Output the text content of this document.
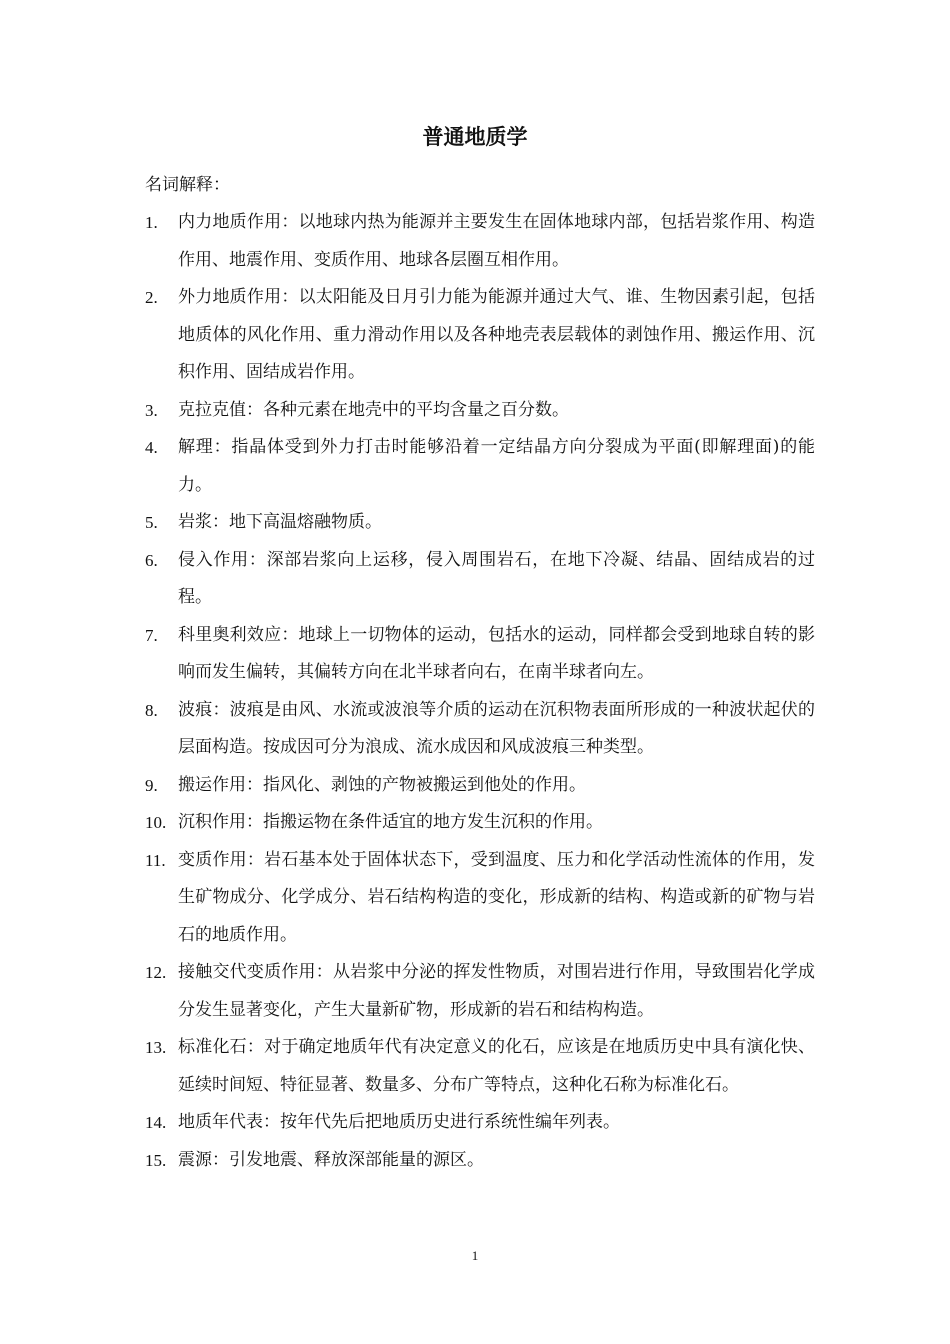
普通地质学
名词解释：
1. 内力地质作用：以地球内热为能源并主要发生在固体地球内部，包括岩浆作用、构造作用、地震作用、变质作用、地球各层圈互相作用。
2. 外力地质作用：以太阳能及日月引力能为能源并通过大气、谁、生物因素引起，包括地质体的风化作用、重力滑动作用以及各种地壳表层载体的剥蚀作用、搬运作用、沉积作用、固结成岩作用。
3. 克拉克值：各种元素在地壳中的平均含量之百分数。
4. 解理：指晶体受到外力打击时能够沿着一定结晶方向分裂成为平面(即解理面)的能力。
5. 岩浆：地下高温熔融物质。
6. 侵入作用：深部岩浆向上运移，侵入周围岩石，在地下冷凝、结晶、固结成岩的过程。
7. 科里奥利效应：地球上一切物体的运动，包括水的运动，同样都会受到地球自转的影响而发生偏转，其偏转方向在北半球者向右，在南半球者向左。
8. 波痕：波痕是由风、水流或波浪等介质的运动在沉积物表面所形成的一种波状起伏的层面构造。按成因可分为浪成、流水成因和风成波痕三种类型。
9. 搬运作用：指风化、剥蚀的产物被搬运到他处的作用。
10. 沉积作用：指搬运物在条件适宜的地方发生沉积的作用。
11. 变质作用：岩石基本处于固体状态下，受到温度、压力和化学活动性流体的作用，发生矿物成分、化学成分、岩石结构构造的变化，形成新的结构、构造或新的矿物与岩石的地质作用。
12. 接触交代变质作用：从岩浆中分泌的挥发性物质，对围岩进行作用，导致围岩化学成分发生显著变化，产生大量新矿物，形成新的岩石和结构构造。
13. 标准化石：对于确定地质年代有决定意义的化石，应该是在地质历史中具有演化快、延续时间短、特征显著、数量多、分布广等特点，这种化石称为标准化石。
14. 地质年代表：按年代先后把地质历史进行系统性编年列表。
15. 震源：引发地震、释放深部能量的源区。
1
